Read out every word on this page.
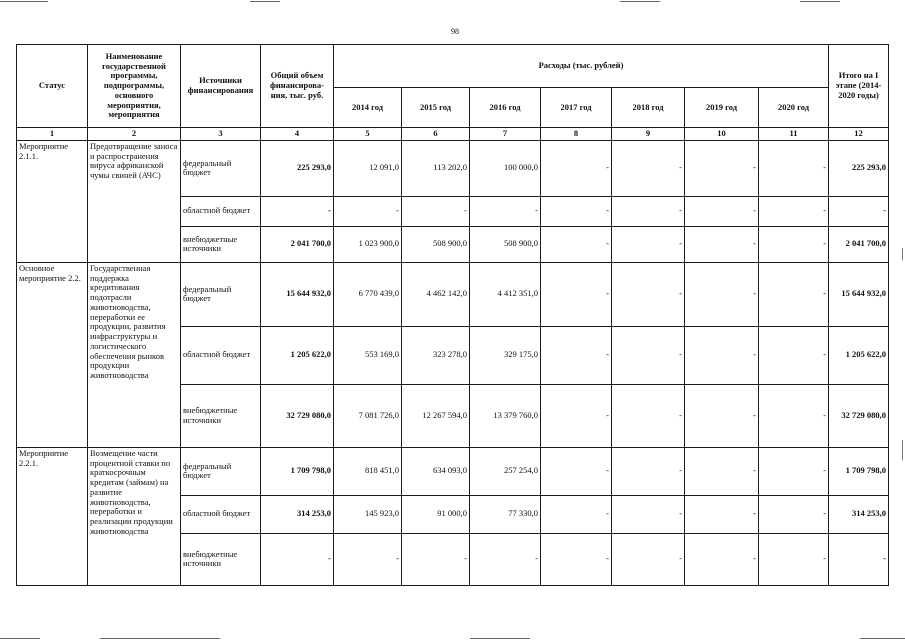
98
Статус	Наименование государственной программы, подпрограммы, основного мероприятия, мероприятия	Источники финансирования	Общий объем финансирова-ния, тыс. руб.	Расходы (тыс. рублей)							Итого на I этапе (2014-2020 годы)
				2014 год	2015 год	2016 год	2017 год	2018 год	2019 год	2020 год	
1	2	3	4	5	6	7	8	9	10	11	12
Мероприятие 2.1.1.	Предотвращение заноса и распространения вируса африканской чумы свиней (АЧС)	федеральный бюджет	225 293,0	12 091,0	113 202,0	100 000,0	-	-	-	-	225 293,0
		областной бюджет	-	-	-	-	-	-	-	-	-
		внебюджетные источники	2 041 700,0	1 023 900,0	508 900,0	508 900,0	-	-	-	-	2 041 700,0
Основное мероприятие 2.2.	Государственная поддержка кредитования подотрасли животноводства, переработки ее продукции, развития инфраструктуры и логистического обеспечения рынков продукции животноводства	федеральный бюджет	15 644 932,0	6 770 439,0	4 462 142,0	4 412 351,0	-	-	-	-	15 644 932,0
		областной бюджет	1 205 622,0	553 169,0	323 278,0	329 175,0	-	-	-	-	1 205 622,0
		внебюджетные источники	32 729 080,0	7 081 726,0	12 267 594,0	13 379 760,0	-	-	-	-	32 729 080,0
Мероприятие 2.2.1.	Возмещение части процентной ставки по краткосрочным кредитам (займам) на развитие животноводства, переработки и реализации продукции животноводства	федеральный бюджет	1 709 798,0	818 451,0	634 093,0	257 254,0	-	-	-	-	1 709 798,0
		областной бюджет	314 253,0	145 923,0	91 000,0	77 330,0	-	-	-	-	314 253,0
		внебюджетные источники	-	-	-	-	-	-	-	-	-
